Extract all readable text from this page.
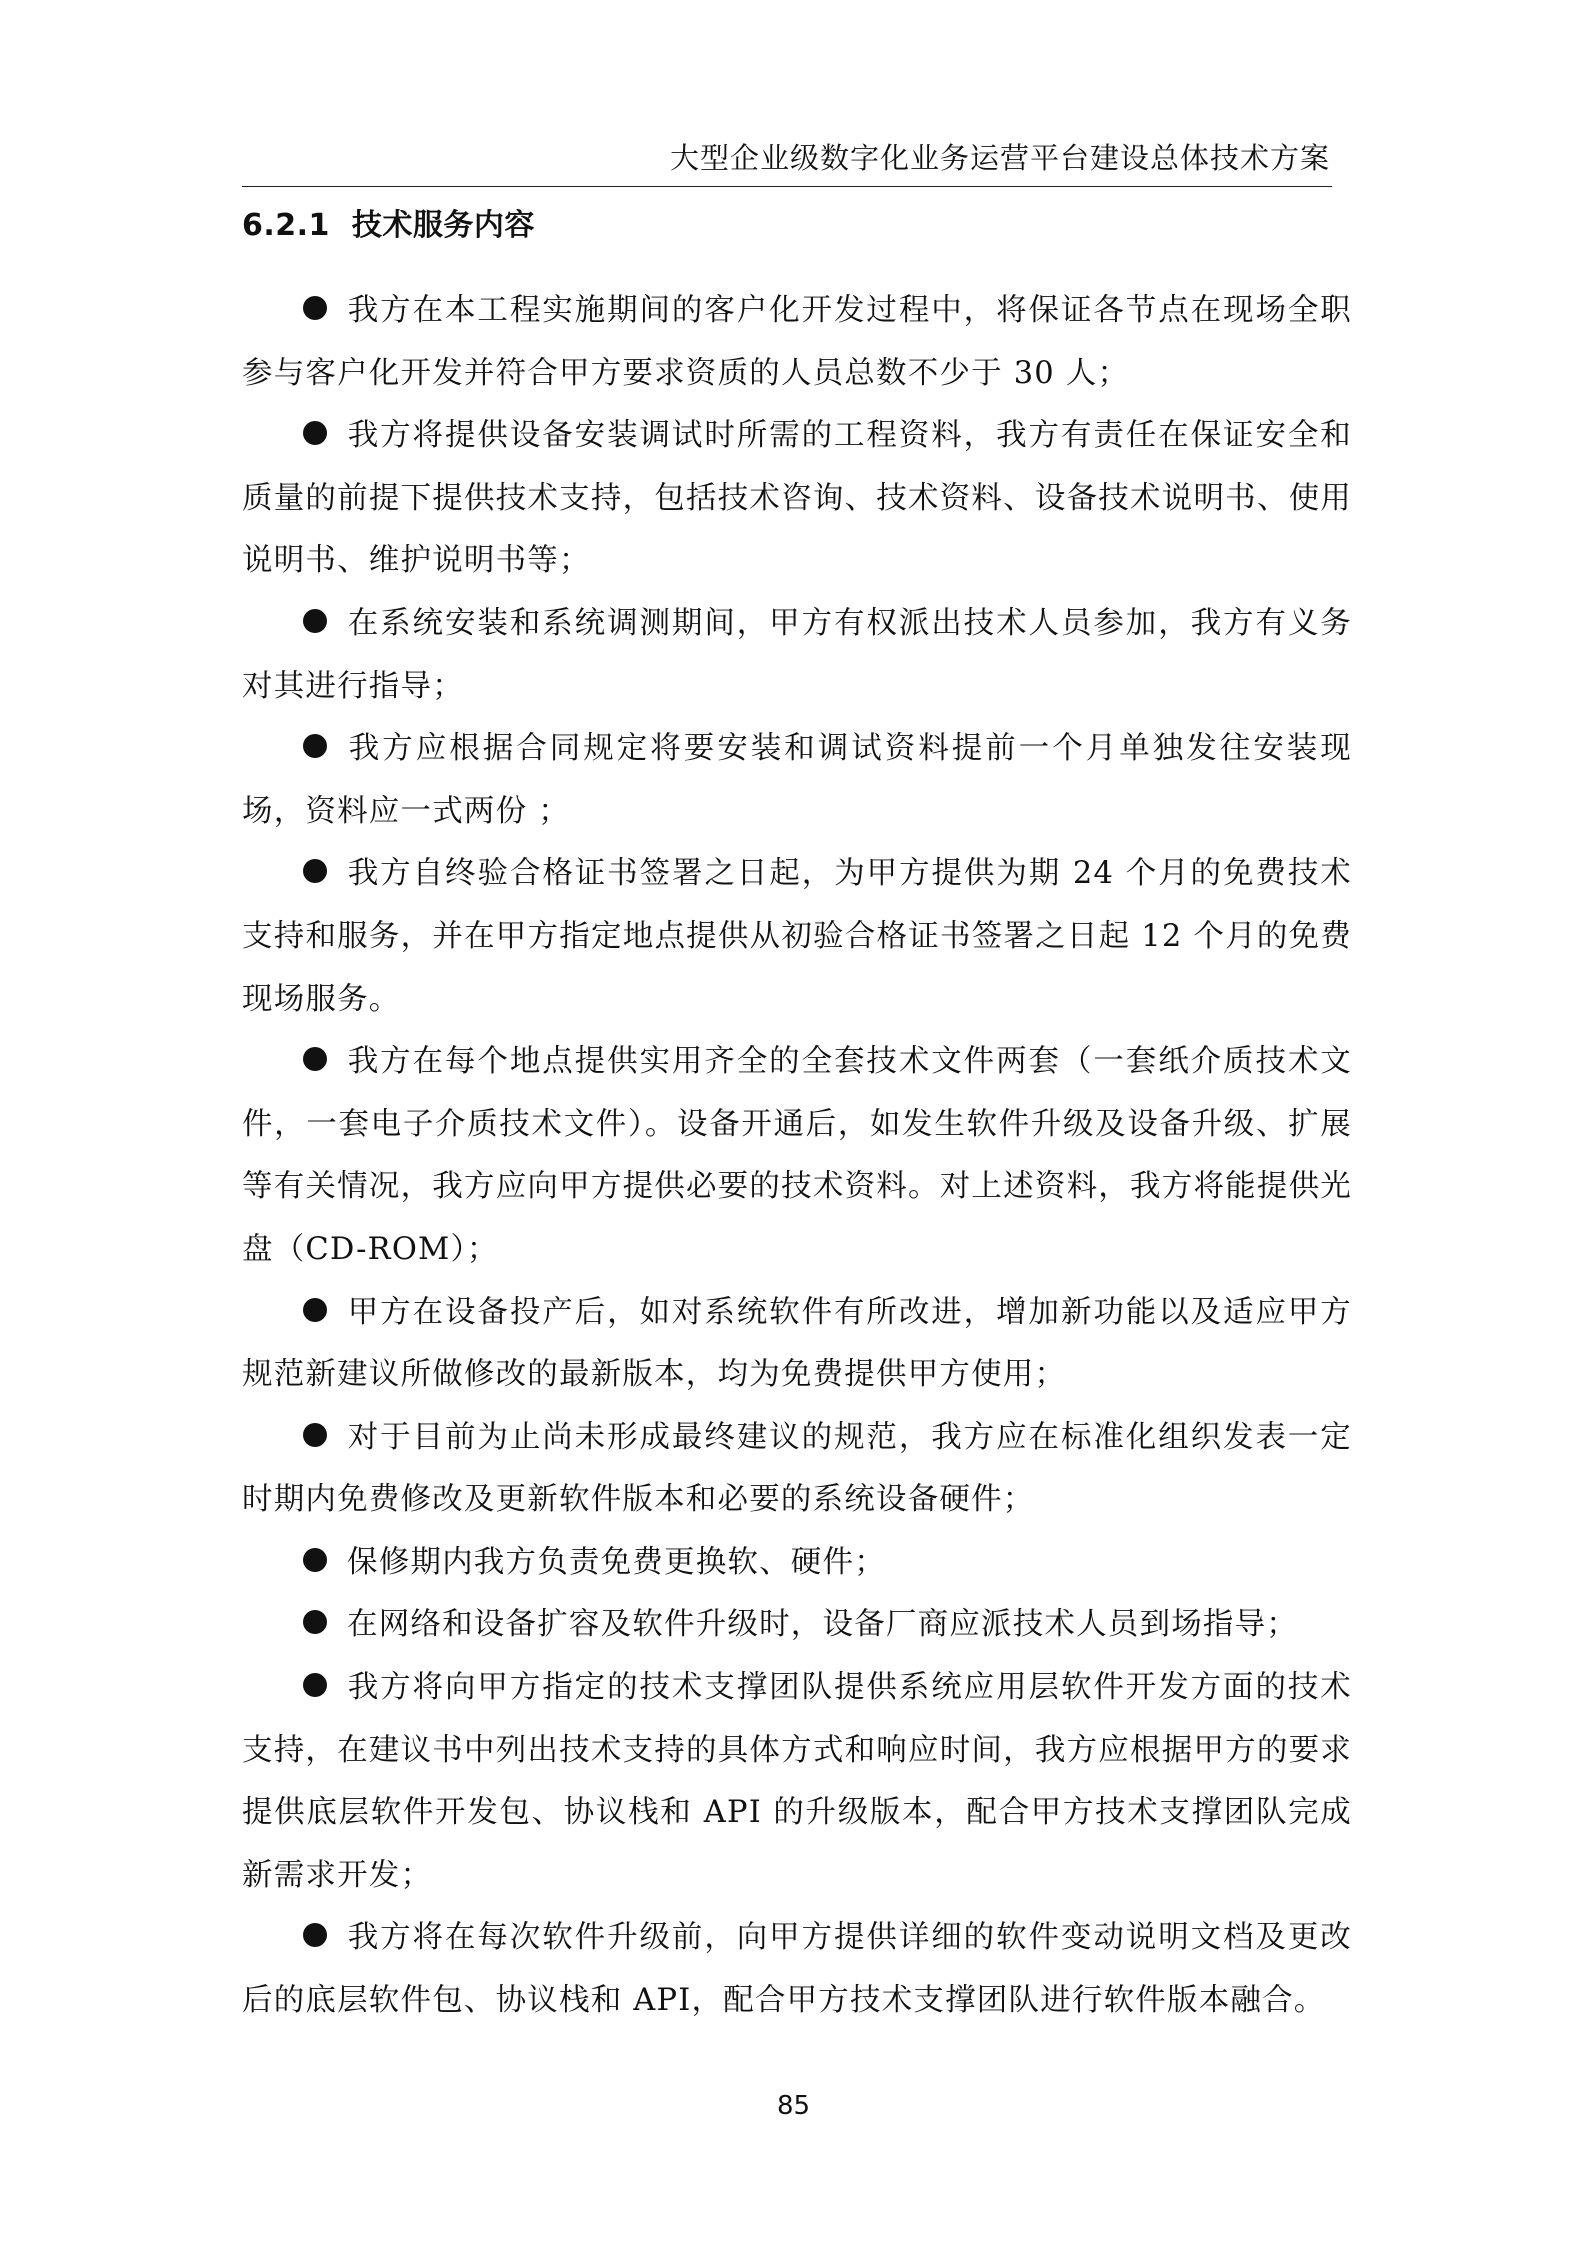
大型企业级数字化业务运营平台建设总体技术方案
6.2.1 技术服务内容

我方在本工程实施期间的客户化开发过程中，将保证各节点在现场全职参与客户化开发并符合甲方要求资质的人员总数不少于 30 人；

我方将提供设备安装调试时所需的工程资料，我方有责任在保证安全和质量的前提下提供技术支持，包括技术咨询、技术资料、设备技术说明书、使用说明书、维护说明书等；

在系统安装和系统调测期间，甲方有权派出技术人员参加，我方有义务对其进行指导；

我方应根据合同规定将要安装和调试资料提前一个月单独发往安装现场，资料应一式两份 ；

我方自终验合格证书签署之日起，为甲方提供为期 24 个月的免费技术支持和服务，并在甲方指定地点提供从初验合格证书签署之日起 12 个月的免费现场服务。

我方在每个地点提供实用齐全的全套技术文件两套（一套纸介质技术文件，一套电子介质技术文件）。设备开通后，如发生软件升级及设备升级、扩展等有关情况，我方应向甲方提供必要的技术资料。对上述资料，我方将能提供光盘（CD-ROM）；

甲方在设备投产后，如对系统软件有所改进，增加新功能以及适应甲方规范新建议所做修改的最新版本，均为免费提供甲方使用；

对于目前为止尚未形成最终建议的规范，我方应在标准化组织发表一定时期内免费修改及更新软件版本和必要的系统设备硬件；

保修期内我方负责免费更换软、硬件；

在网络和设备扩容及软件升级时，设备厂商应派技术人员到场指导；

我方将向甲方指定的技术支撑团队提供系统应用层软件开发方面的技术支持，在建议书中列出技术支持的具体方式和响应时间，我方应根据甲方的要求提供底层软件开发包、协议栈和 API 的升级版本，配合甲方技术支撑团队完成新需求开发；

我方将在每次软件升级前，向甲方提供详细的软件变动说明文档及更改后的底层软件包、协议栈和 API，配合甲方技术支撑团队进行软件版本融合。

85
